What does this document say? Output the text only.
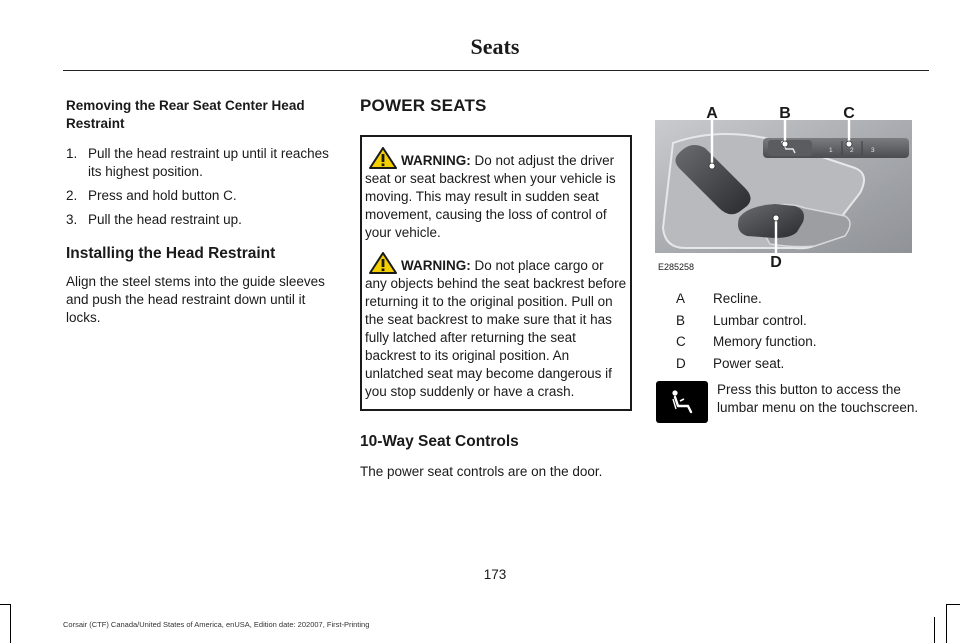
Seats

Removing the Rear Seat Center Head Restraint

1. Pull the head restraint up until it reaches its highest position.
2. Press and hold button C.
3. Pull the head restraint up.

Installing the Head Restraint

Align the steel stems into the guide sleeves and push the head restraint down until it locks.

POWER SEATS

WARNING: Do not adjust the driver seat or seat backrest when your vehicle is moving. This may result in sudden seat movement, causing the loss of control of your vehicle.

WARNING: Do not place cargo or any objects behind the seat backrest before returning it to the original position. Pull on the seat backrest to make sure that it has fully latched after returning the seat backrest to its original position. An unlatched seat may become dangerous if you stop suddenly or have a crash.

10-Way Seat Controls

The power seat controls are on the door.

1	2	3
A	B	C
D
E285258
A	Recline.
B	Lumbar control.
C	Memory function.
D	Power seat.
Press this button to access the lumbar menu on the touchscreen.
173
Corsair (CTF) Canada/United States of America, enUSA, Edition date: 202007, First-Printing
